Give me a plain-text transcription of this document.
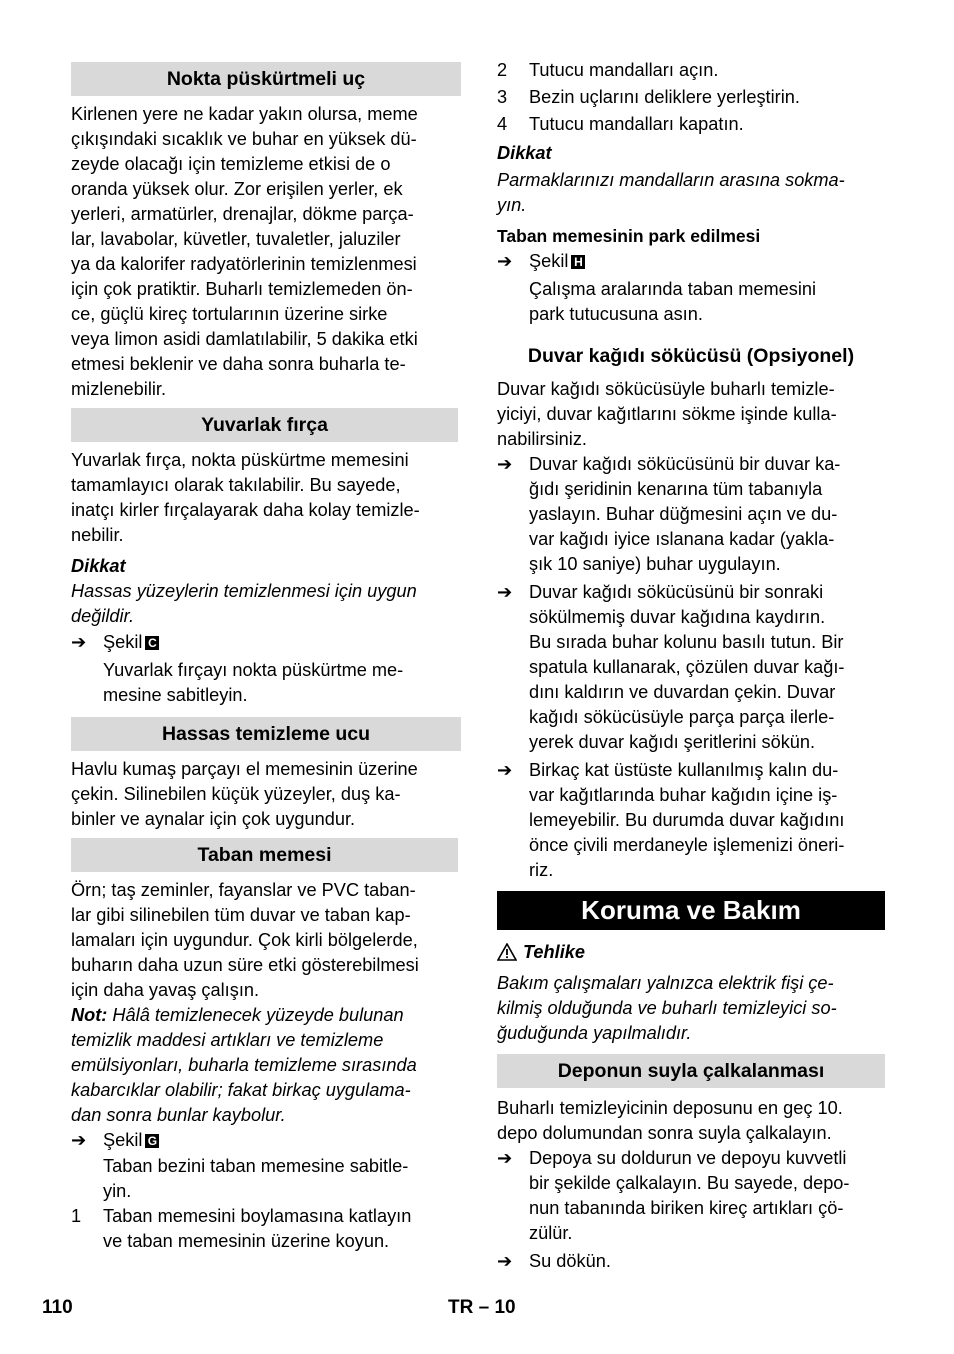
Nokta püskürtmeli uç
Kirlenen yere ne kadar yakın olursa, meme
çıkışındaki sıcaklık ve buhar en yüksek dü-
zeyde olacağı için temizleme etkisi de o
oranda yüksek olur. Zor erişilen yerler, ek
yerleri, armatürler, drenajlar, dökme parça-
lar, lavabolar, küvetler, tuvaletler, jaluziler
ya da kalorifer radyatörlerinin temizlenmesi
için çok pratiktir. Buharlı temizlemeden ön-
ce, güçlü kireç tortularının üzerine sirke
veya limon asidi damlatılabilir, 5 dakika etki
etmesi beklenir ve daha sonra buharla te-
mizlenebilir.
Yuvarlak fırça
Yuvarlak fırça, nokta püskürtme memesini
tamamlayıcı olarak takılabilir. Bu sayede,
inatçı kirler fırçalayarak daha kolay temizle-
nebilir.
Dikkat
Hassas yüzeylerin temizlenmesi için uygun
değildir.
➔ Şekil C
Yuvarlak fırçayı nokta püskürtme me-
mesine sabitleyin.
Hassas temizleme ucu
Havlu kumaş parçayı el memesinin üzerine
çekin. Silinebilen küçük yüzeyler, duş ka-
binler ve aynalar için çok uygundur.
Taban memesi
Örn; taş zeminler, fayanslar ve PVC taban-
lar gibi silinebilen tüm duvar ve taban kap-
lamaları için uygundur. Çok kirli bölgelerde,
buharın daha uzun süre etki gösterebilmesi
için daha yavaş çalışın.
Not: Hâlâ temizlenecek yüzeyde bulunan
temizlik maddesi artıkları ve temizleme
emülsiyonları, buharla temizleme sırasında
kabarcıklar olabilir; fakat birkaç uygulama-
dan sonra bunlar kaybolur.
➔ Şekil G
Taban bezini taban memesine sabitle-
yin.
1 Taban memesini boylamasına katlayın
ve taban memesinin üzerine koyun.
2 Tutucu mandalları açın.
3 Bezin uçlarını deliklere yerleştirin.
4 Tutucu mandalları kapatın.
Dikkat
Parmaklarınızı mandalların arasına sokma-
yın.
Taban memesinin park edilmesi
➔ Şekil H
Çalışma aralarında taban memesini
park tutucusuna asın.
Duvar kağıdı sökücüsü (Opsiyonel)
Duvar kağıdı sökücüsüyle buharlı temizle-
yiciyi, duvar kağıtlarını sökme işinde kulla-
nabilirsiniz.
➔ Duvar kağıdı sökücüsünü bir duvar ka-
ğıdı şeridinin kenarına tüm tabanıyla
yaslayın. Buhar düğmesini açın ve du-
var kağıdı iyice ıslanana kadar (yakla-
şık 10 saniye) buhar uygulayın.
➔ Duvar kağıdı sökücüsünü bir sonraki
sökülmemiş duvar kağıdına kaydırın.
Bu sırada buhar kolunu basılı tutun. Bir
spatula kullanarak, çözülen duvar kağı-
dını kaldırın ve duvardan çekin. Duvar
kağıdı sökücüsüyle parça parça ilerle-
yerek duvar kağıdı şeritlerini sökün.
➔ Birkaç kat üstüste kullanılmış kalın du-
var kağıtlarında buhar kağıdın içine iş-
lemeyebilir. Bu durumda duvar kağıdını
önce çivili merdaneyle işlemenizi öneri-
riz.
Koruma ve Bakım
Tehlike
Bakım çalışmaları yalnızca elektrik fişi çe-
kilmiş olduğunda ve buharlı temizleyici so-
ğuduğunda yapılmalıdır.
Deponun suyla çalkalanması
Buharlı temizleyicinin deposunu en geç 10.
depo dolumundan sonra suyla çalkalayın.
➔ Depoya su doldurun ve depoyu kuvvetli
bir şekilde çalkalayın. Bu sayede, depo-
nun tabanında biriken kireç artıkları çö-
zülür.
➔ Su dökün.
110	TR – 10
